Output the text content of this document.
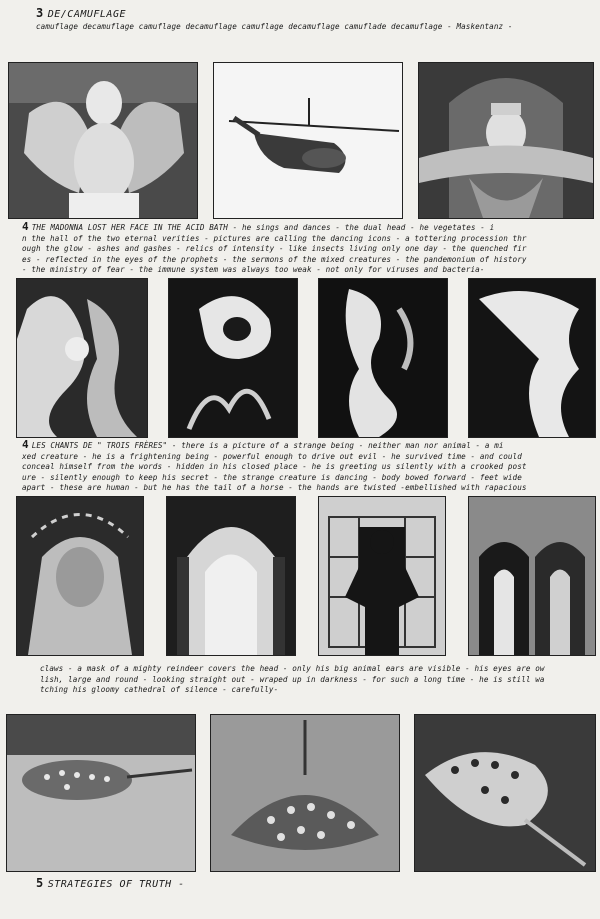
3 DE/CAMUFLAGE

camuflage decamuflage camuflage decamuflage camuflage decamuflage camuflade decamuflage - Maskentanz -

4 THE MADONNA LOST HER FACE IN THE ACID BATH - he sings and dances - the dual head - he vegetates - i

n the hall of the two eternal verities - pictures are calling the dancing icons - a tottering procession thr

ough the glow - ashes and gashes - relics of intensity - like insects living only one day - the quenched fir

es - reflected in the eyes of the prophets - the sermons of the mixed creatures - the pandemonium of history

- the ministry of fear - the immune system was always too weak - not only for viruses and bacteria-

4 LES CHANTS DE " TROIS FRÈRES" - there is a picture of a strange being - neither man nor animal - a mi

xed creature - he is a frightening being - powerful enough to drive out evil - he survived time - and could

conceal himself from the words - hidden in his closed place - he is greeting us silently with a crooked post

ure - silently enough to keep his secret - the strange creature is dancing - body bowed forward - feet wide

apart - these are human - but he has the tail of a horse - the hands are twisted -embellished with rapacious

claws - a mask of a mighty reindeer covers the head - only his big animal ears are visible - his eyes are ow

lish, large and round - looking straight out - wraped up in darkness - for such a long time - he is still wa

tching his gloomy cathedral of silence - carefully-

5 STRATEGIES OF TRUTH -
